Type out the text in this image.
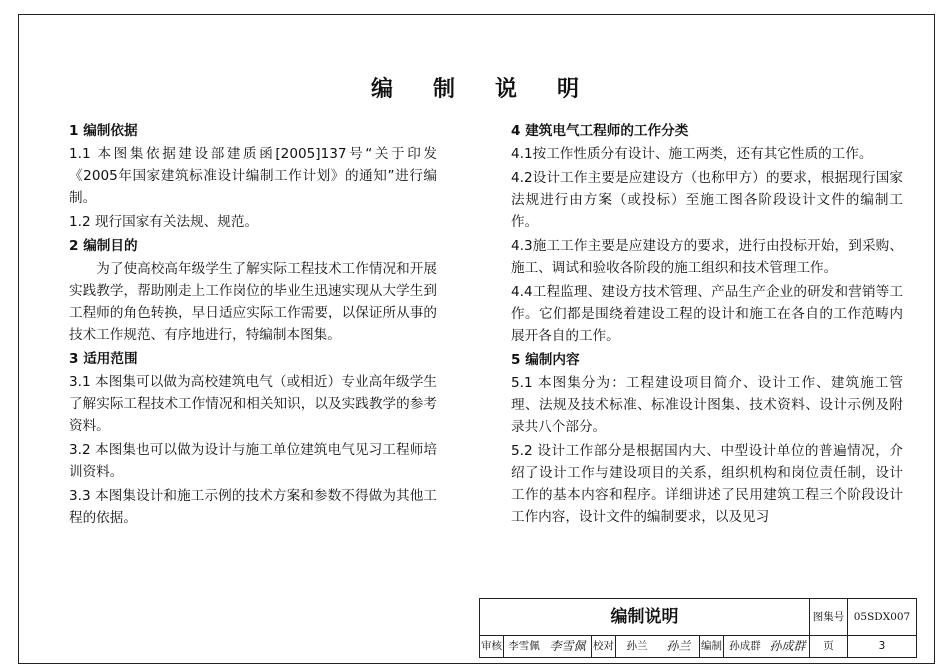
编 制 说 明
1 编制依据
1.1 本图集依据建设部建质函[2005]137号“关于印发《2005年国家建筑标准设计编制工作计划》的通知”进行编制。
1.2 现行国家有关法规、规范。
2 编制目的
为了使高校高年级学生了解实际工程技术工作情况和开展实践教学，帮助刚走上工作岗位的毕业生迅速实现从大学生到工程师的角色转换，早日适应实际工作需要，以保证所从事的技术工作规范、有序地进行，特编制本图集。
3 适用范围
3.1 本图集可以做为高校建筑电气（或相近）专业高年级学生了解实际工程技术工作情况和相关知识，以及实践教学的参考资料。
3.2 本图集也可以做为设计与施工单位建筑电气见习工程师培训资料。
3.3 本图集设计和施工示例的技术方案和参数不得做为其他工程的依据。
4 建筑电气工程师的工作分类
4.1按工作性质分有设计、施工两类，还有其它性质的工作。
4.2设计工作主要是应建设方（也称甲方）的要求，根据现行国家法规进行由方案（或投标）至施工图各阶段设计文件的编制工作。
4.3施工工作主要是应建设方的要求，进行由投标开始，到采购、施工、调试和验收各阶段的施工组织和技术管理工作。
4.4工程监理、建设方技术管理、产品生产企业的研发和营销等工作。它们都是围绕着建设工程的设计和施工在各自的工作范畴内展开各自的工作。
5 编制内容
5.1 本图集分为：工程建设项目简介、设计工作、建筑施工管理、法规及技术标准、标准设计图集、技术资料、设计示例及附录共八个部分。
5.2 设计工作部分是根据国内大、中型设计单位的普遍情况，介绍了设计工作与建设项目的关系，组织机构和岗位责任制，设计工作的基本内容和程序。详细讲述了民用建筑工程三个阶段设计工作内容，设计文件的编制要求，以及见习
编制说明	图集号 05SDX007
审核 李雪佩 李雪佩 校对	孙兰	孙兰	编制 孙成群 孙成群	页	3
